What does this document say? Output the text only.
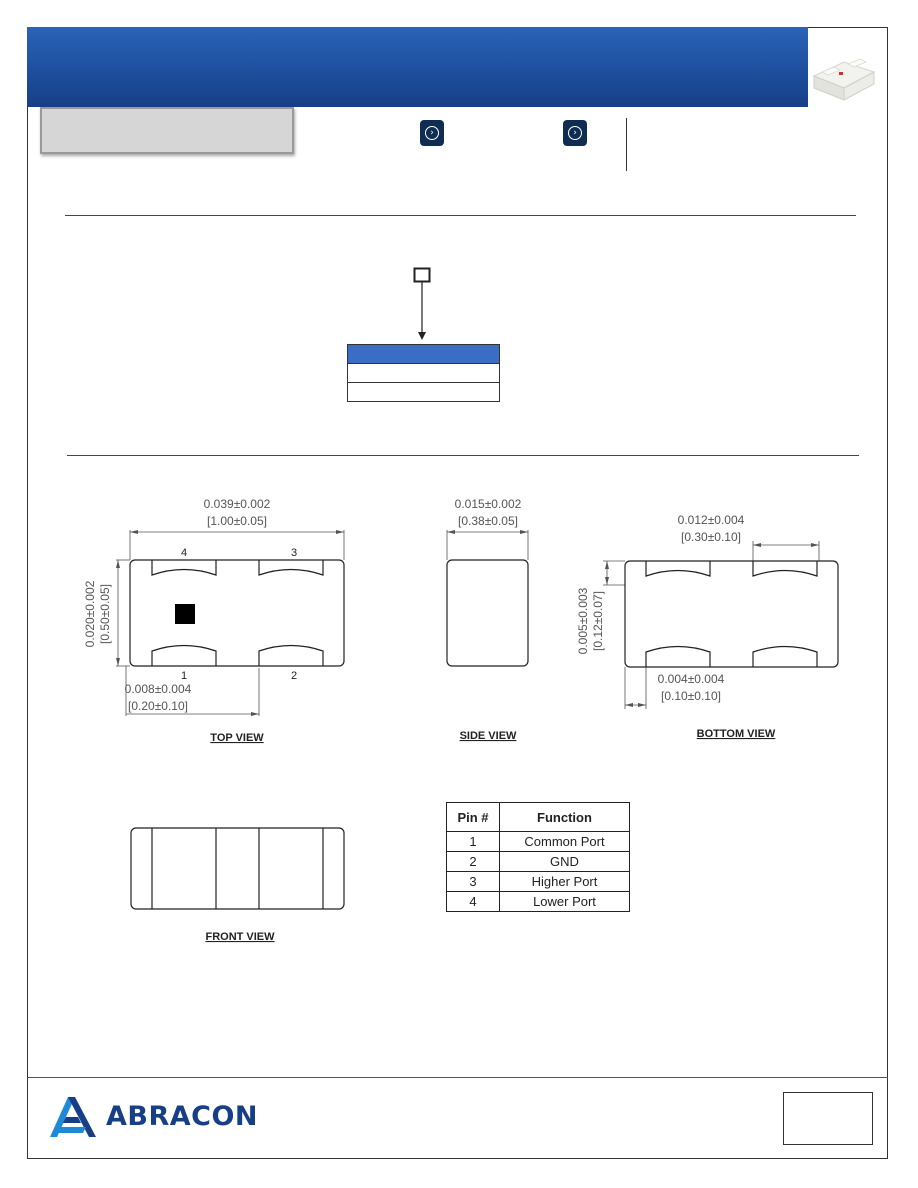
›	›

0.039±0.002
[1.00±0.05]
4	3
1	2
0.020±0.002 [0.50±0.05]
0.008±0.004
[0.20±0.10]
TOP VIEW
0.015±0.002
[0.38±0.05]
SIDE VIEW
0.012±0.004
[0.30±0.10]
0.005±0.003 [0.12±0.07]
0.004±0.004
[0.10±0.10]
BOTTOM VIEW
FRONT VIEW
Pin #	Function
1	Common Port
2	GND
3	Higher Port
4	Lower Port
ABRACON
